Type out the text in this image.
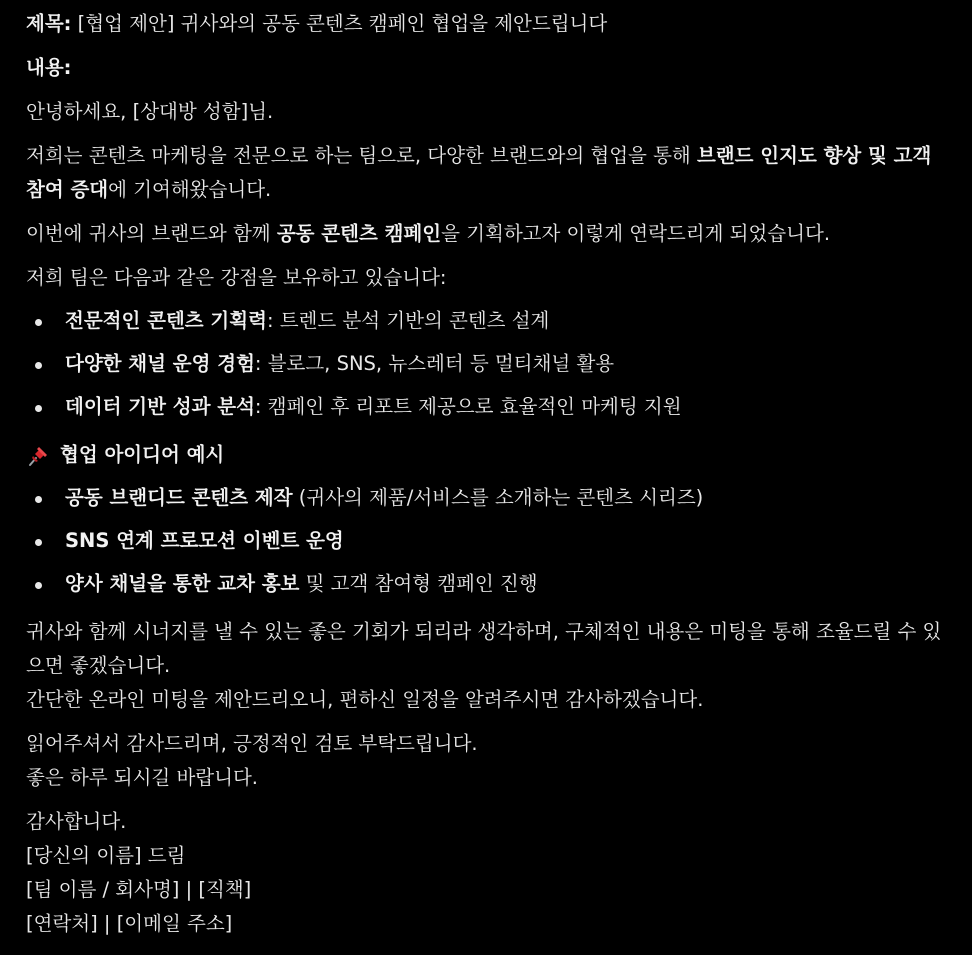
제목: [협업 제안] 귀사와의 공동 콘텐츠 캠페인 협업을 제안드립니다

내용:

안녕하세요, [상대방 성함]님.

저희는 콘텐츠 마케팅을 전문으로 하는 팀으로, 다양한 브랜드와의 협업을 통해 브랜드 인지도 향상 및 고객 참여 증대에 기여해왔습니다.

이번에 귀사의 브랜드와 함께 공동 콘텐츠 캠페인을 기획하고자 이렇게 연락드리게 되었습니다.

저희 팀은 다음과 같은 강점을 보유하고 있습니다:

전문적인 콘텐츠 기획력: 트렌드 분석 기반의 콘텐츠 설계
다양한 채널 운영 경험: 블로그, SNS, 뉴스레터 등 멀티채널 활용
데이터 기반 성과 분석: 캠페인 후 리포트 제공으로 효율적인 마케팅 지원

협업 아이디어 예시

공동 브랜디드 콘텐츠 제작 (귀사의 제품/서비스를 소개하는 콘텐츠 시리즈)
SNS 연계 프로모션 이벤트 운영
양사 채널을 통한 교차 홍보 및 고객 참여형 캠페인 진행

귀사와 함께 시너지를 낼 수 있는 좋은 기회가 되리라 생각하며, 구체적인 내용은 미팅을 통해 조율드릴 수 있으면 좋겠습니다.
간단한 온라인 미팅을 제안드리오니, 편하신 일정을 알려주시면 감사하겠습니다.

읽어주셔서 감사드리며, 긍정적인 검토 부탁드립니다.
좋은 하루 되시길 바랍니다.

감사합니다.
[당신의 이름] 드림
[팀 이름 / 회사명] | [직책]
[연락처] | [이메일 주소]
